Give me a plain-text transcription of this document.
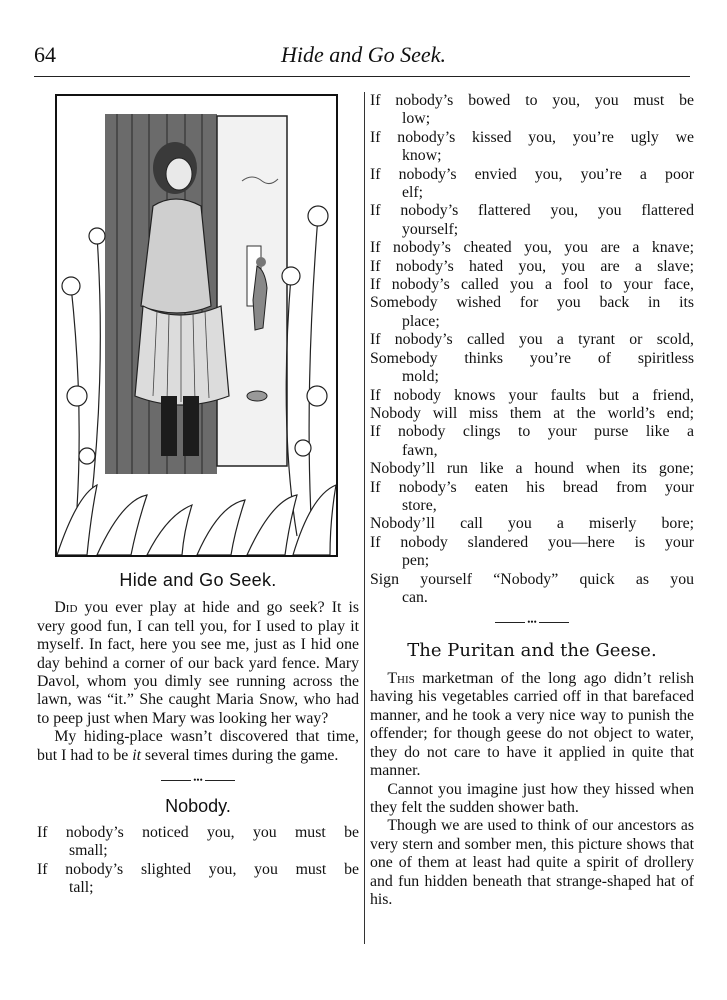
64	Hide and Go Seek.
Hide and Go Seek.

Did you ever play at hide and go seek? It is very good fun, I can tell you, for I used to play it myself. In fact, here you see me, just as I hid one day behind a corner of our back yard fence. Mary Davol, whom you dimly see running across the lawn, was “it.” She caught Maria Snow, who had to peep just when Mary was looking her way?

My hiding-place wasn’t discovered that time, but I had to be it several times during the game.

•••
Nobody.
If nobody’s noticed you, you must be
small;
If nobody’s slighted you, you must be
tall;
If nobody’s bowed to you, you must be
low;
If nobody’s kissed you, you’re ugly we
know;
If nobody’s envied you, you’re a poor
elf;
If nobody’s flattered you, you flattered
yourself;
If nobody’s cheated you, you are a knave;
If nobody’s hated you, you are a slave;
If nobody’s called you a fool to your face,
Somebody wished for you back in its
place;
If nobody’s called you a tyrant or scold,
Somebody thinks you’re of spiritless
mold;
If nobody knows your faults but a friend,
Nobody will miss them at the world’s end;
If nobody clings to your purse like a
fawn,
Nobody’ll run like a hound when its gone;
If nobody’s eaten his bread from your
store,
Nobody’ll call you a miserly bore;
If nobody slandered you—here is your
pen;
Sign yourself “Nobody” quick as you
can.
•••
The Puritan and the Geese.

This marketman of the long ago didn’t relish having his vegetables carried off in that barefaced manner, and he took a very nice way to punish the offender; for though geese do not object to water, they do not care to have it applied in quite that manner.

Cannot you imagine just how they hissed when they felt the sudden shower bath.

Though we are used to think of our ancestors as very stern and somber men, this picture shows that one of them at least had quite a spirit of drollery and fun hidden beneath that strange-shaped hat of his.
